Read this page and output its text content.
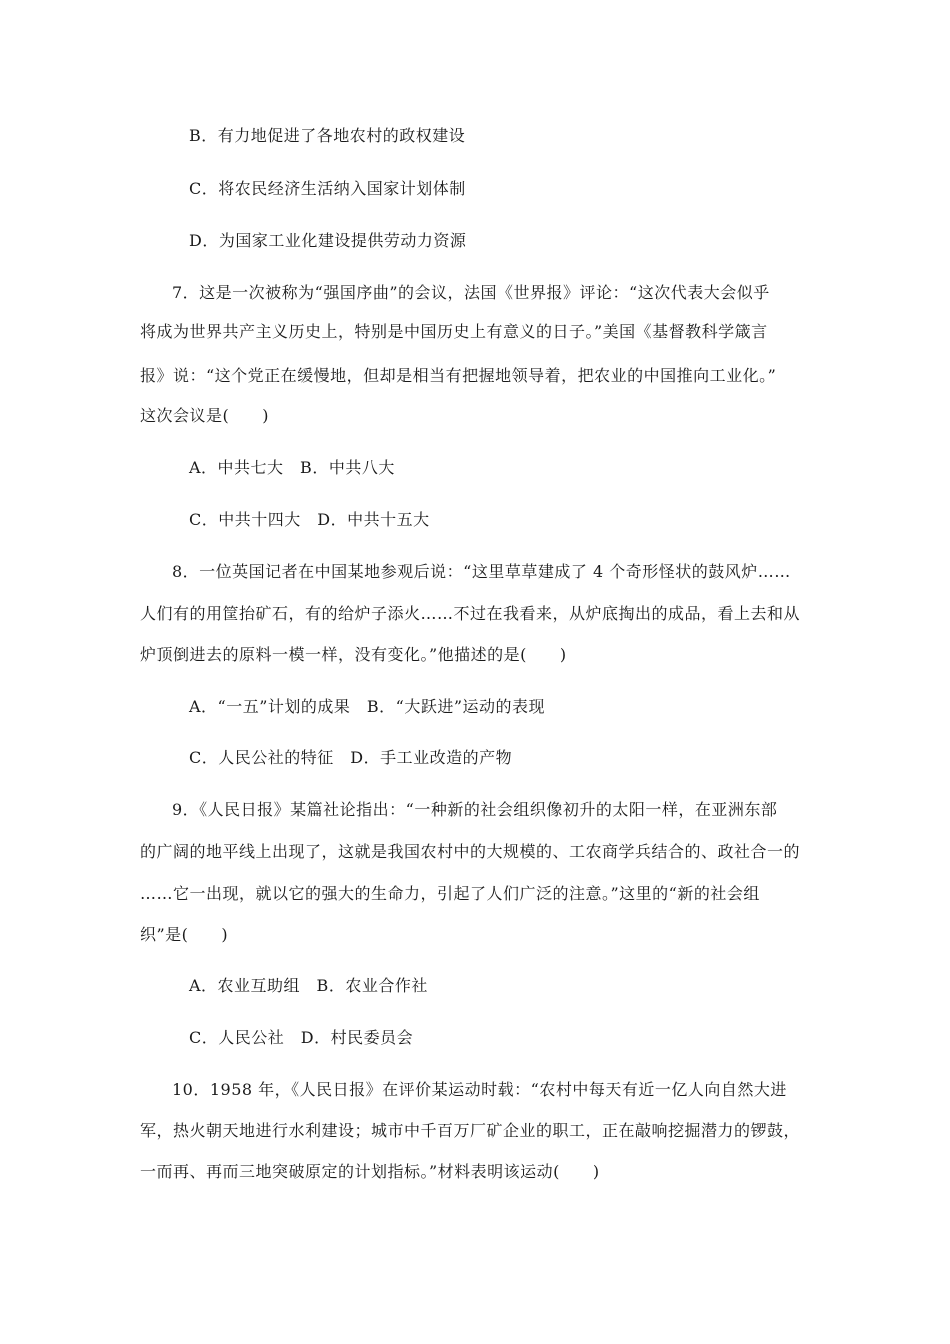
B．有力地促进了各地农村的政权建设
C．将农民经济生活纳入国家计划体制
D．为国家工业化建设提供劳动力资源
7．这是一次被称为“强国序曲”的会议，法国《世界报》评论：“这次代表大会似乎
将成为世界共产主义历史上，特别是中国历史上有意义的日子。”美国《基督教科学箴言
报》说：“这个党正在缓慢地，但却是相当有把握地领导着，把农业的中国推向工业化。”
这次会议是(　　)
A．中共七大　B．中共八大
C．中共十四大　D．中共十五大
8．一位英国记者在中国某地参观后说：“这里草草建成了 4 个奇形怪状的鼓风炉……
人们有的用筐抬矿石，有的给炉子添火……不过在我看来，从炉底掏出的成品，看上去和从
炉顶倒进去的原料一模一样，没有变化。”他描述的是(　　)
A．“一五”计划的成果　B．“大跃进”运动的表现
C．人民公社的特征　D．手工业改造的产物
9．《人民日报》某篇社论指出：“一种新的社会组织像初升的太阳一样，在亚洲东部
的广阔的地平线上出现了，这就是我国农村中的大规模的、工农商学兵结合的、政社合一的
……它一出现，就以它的强大的生命力，引起了人们广泛的注意。”这里的“新的社会组
织”是(　　)
A．农业互助组　B．农业合作社
C．人民公社　D．村民委员会
10．1958 年，《人民日报》在评价某运动时载：“农村中每天有近一亿人向自然大进
军，热火朝天地进行水利建设；城市中千百万厂矿企业的职工，正在敲响挖掘潜力的锣鼓，
一而再、再而三地突破原定的计划指标。”材料表明该运动(　　)
